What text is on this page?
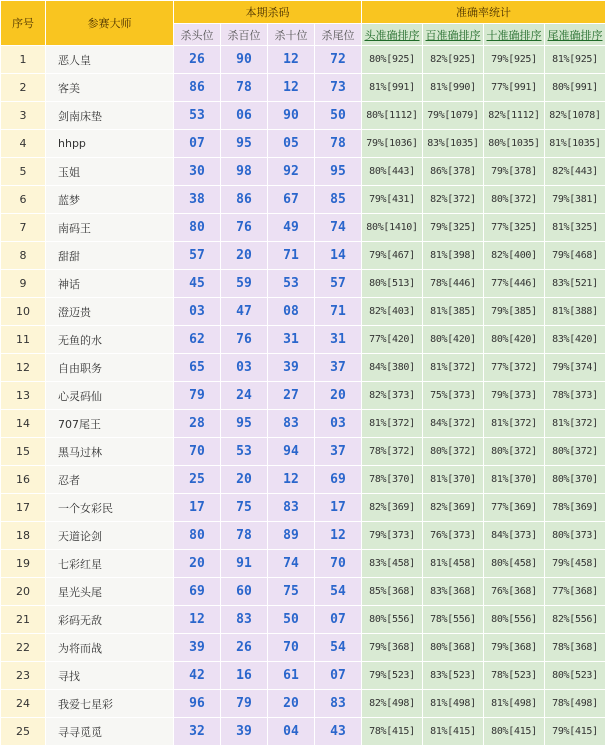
序号	参赛大师	本期杀码				准确率统计			
		杀头位	杀百位	杀十位	杀尾位	头准确排序	百准确排序	十准确排序	尾准确排序
1	恶人皇	26	90	12	72	80%[925]	82%[925]	79%[925]	81%[925]
2	客美	86	78	12	73	81%[991]	81%[990]	77%[991]	80%[991]
3	剑南床垫	53	06	90	50	80%[1112]	79%[1079]	82%[1112]	82%[1078]
4	hhpp	07	95	05	78	79%[1036]	83%[1035]	80%[1035]	81%[1035]
5	玉姐	30	98	92	95	80%[443]	86%[378]	79%[378]	82%[443]
6	蓝梦	38	86	67	85	79%[431]	82%[372]	80%[372]	79%[381]
7	南码王	80	76	49	74	80%[1410]	79%[325]	77%[325]	81%[325]
8	甜甜	57	20	71	14	79%[467]	81%[398]	82%[400]	79%[468]
9	神话	45	59	53	57	80%[513]	78%[446]	77%[446]	83%[521]
10	澄迈贵	03	47	08	71	82%[403]	81%[385]	79%[385]	81%[388]
11	无鱼的水	62	76	31	31	77%[420]	80%[420]	80%[420]	83%[420]
12	自由职务	65	03	39	37	84%[380]	81%[372]	77%[372]	79%[374]
13	心灵码仙	79	24	27	20	82%[373]	75%[373]	79%[373]	78%[373]
14	707尾王	28	95	83	03	81%[372]	84%[372]	81%[372]	81%[372]
15	黑马过林	70	53	94	37	78%[372]	80%[372]	80%[372]	80%[372]
16	忍者	25	20	12	69	78%[370]	81%[370]	81%[370]	80%[370]
17	一个女彩民	17	75	83	17	82%[369]	82%[369]	77%[369]	78%[369]
18	天道论剑	80	78	89	12	79%[373]	76%[373]	84%[373]	80%[373]
19	七彩红星	20	91	74	70	83%[458]	81%[458]	80%[458]	79%[458]
20	星光头尾	69	60	75	54	85%[368]	83%[368]	76%[368]	77%[368]
21	彩码无敌	12	83	50	07	80%[556]	78%[556]	80%[556]	82%[556]
22	为将而战	39	26	70	54	79%[368]	80%[368]	79%[368]	78%[368]
23	寻找	42	16	61	07	79%[523]	83%[523]	78%[523]	80%[523]
24	我爱七星彩	96	79	20	83	82%[498]	81%[498]	81%[498]	78%[498]
25	寻寻觅觅	32	39	04	43	78%[415]	81%[415]	80%[415]	79%[415]
